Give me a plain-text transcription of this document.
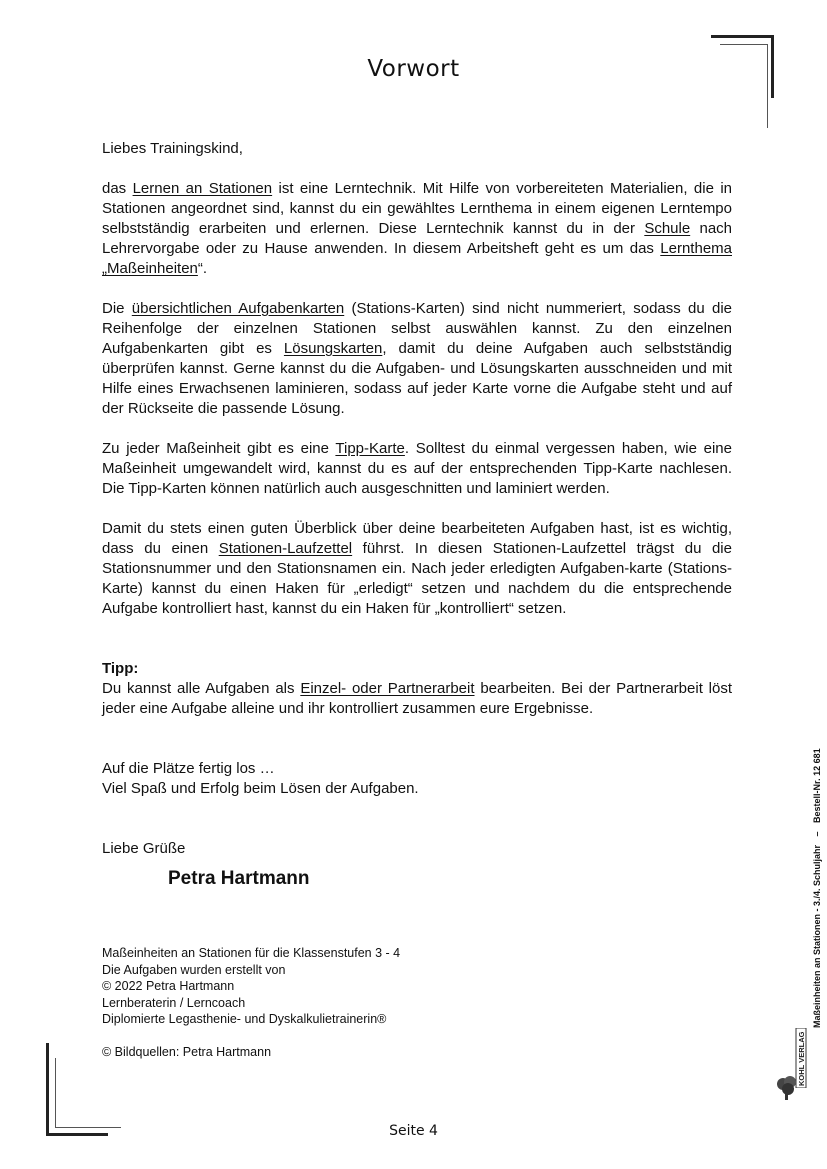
Vorwort
Liebes Trainingskind,
das Lernen an Stationen ist eine Lerntechnik. Mit Hilfe von vorbereiteten Materialien, die in Stationen angeordnet sind, kannst du ein gewähltes Lernthema in einem eigenen Lerntempo selbstständig erarbeiten und erlernen. Diese Lerntechnik kannst du in der Schule nach Lehrervorgabe oder zu Hause anwenden. In diesem Arbeitsheft geht es um das Lernthema „Maßeinheiten“.
Die übersichtlichen Aufgabenkarten (Stations-Karten) sind nicht nummeriert, sodass du die Reihenfolge der einzelnen Stationen selbst auswählen kannst. Zu den einzelnen Aufgabenkarten gibt es Lösungskarten, damit du deine Aufgaben auch selbstständig überprüfen kannst. Gerne kannst du die Aufgaben- und Lösungskarten ausschneiden und mit Hilfe eines Erwachsenen laminieren, sodass auf jeder Karte vorne die Aufgabe steht und auf der Rückseite die passende Lösung.
Zu jeder Maßeinheit gibt es eine Tipp-Karte. Solltest du einmal vergessen haben, wie eine Maßeinheit umgewandelt wird, kannst du es auf der entsprechenden Tipp-Karte nachlesen. Die Tipp-Karten können natürlich auch ausgeschnitten und laminiert werden.
Damit du stets einen guten Überblick über deine bearbeiteten Aufgaben hast, ist es wichtig, dass du einen Stationen-Laufzettel führst. In diesen Stationen-Laufzettel trägst du die Stationsnummer und den Stationsnamen ein. Nach jeder erledigten Aufgaben-karte (Stations-Karte) kannst du einen Haken für „erledigt“ setzen und nachdem du die entsprechende Aufgabe kontrolliert hast, kannst du ein Haken für „kontrolliert“ setzen.
Tipp:
Du kannst alle Aufgaben als Einzel- oder Partnerarbeit bearbeiten. Bei der Partnerarbeit löst jeder eine Aufgabe alleine und ihr kontrolliert zusammen eure Ergebnisse.
Auf die Plätze fertig los …
Viel Spaß und Erfolg beim Lösen der Aufgaben.
Liebe Grüße
Petra Hartmann
Maßeinheiten an Stationen für die Klassenstufen 3 - 4
Die Aufgaben wurden erstellt von
© 2022 Petra Hartmann
Lernberaterin / Lerncoach
Diplomierte Legasthenie- und Dyskalkulietrainerin®
© Bildquellen: Petra Hartmann
Seite 4
Maßeinheiten an Stationen - 3./4. Schuljahr–Bestell-Nr. 12 681
KOHL VERLAG
